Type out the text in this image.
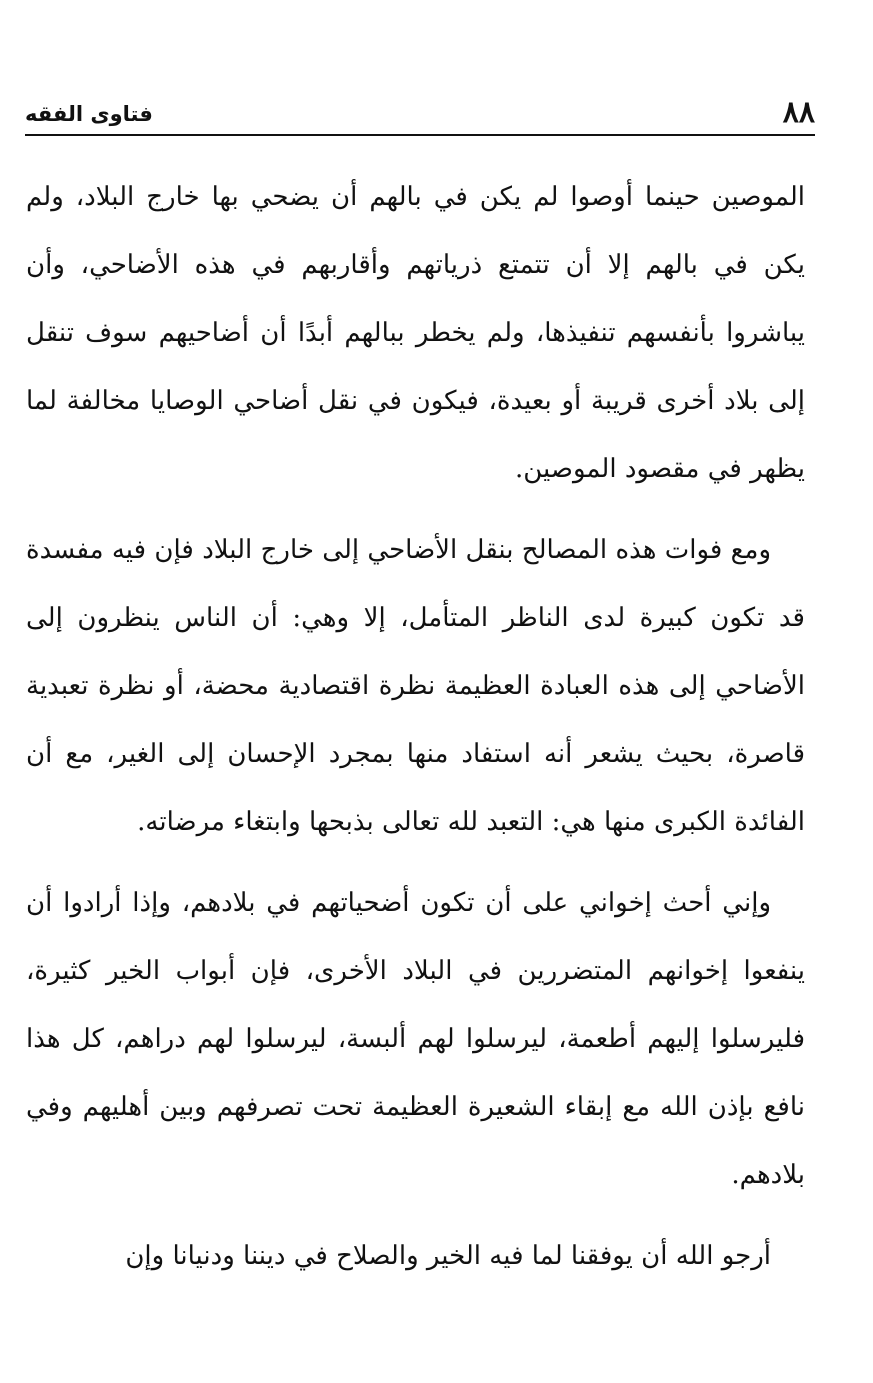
فتاوى الفقه	٨٨

الموصين حينما أوصوا لم يكن في بالهم أن يضحي بها خارج البلاد، ولم يكن في بالهم إلا أن تتمتع ذرياتهم وأقاربهم في هذه الأضاحي، وأن يباشروا بأنفسهم تنفيذها، ولم يخطر ببالهم أبدًا أن أضاحيهم سوف تنقل إلى بلاد أخرى قريبة أو بعيدة، فيكون في نقل أضاحي الوصايا مخالفة لما يظهر في مقصود الموصين.

ومع فوات هذه المصالح بنقل الأضاحي إلى خارج البلاد فإن فيه مفسدة قد تكون كبيرة لدى الناظر المتأمل، إلا وهي: أن الناس ينظرون إلى الأضاحي إلى هذه العبادة العظيمة نظرة اقتصادية محضة، أو نظرة تعبدية قاصرة، بحيث يشعر أنه استفاد منها بمجرد الإحسان إلى الغير، مع أن الفائدة الكبرى منها هي: التعبد لله تعالى بذبحها وابتغاء مرضاته.

وإني أحث إخواني على أن تكون أضحياتهم في بلادهم، وإذا أرادوا أن ينفعوا إخوانهم المتضررين في البلاد الأخرى، فإن أبواب الخير كثيرة، فليرسلوا إليهم أطعمة، ليرسلوا لهم ألبسة، ليرسلوا لهم دراهم، كل هذا نافع بإذن الله مع إبقاء الشعيرة العظيمة تحت تصرفهم وبين أهليهم وفي بلادهم.

أرجو الله أن يوفقنا لما فيه الخير والصلاح في ديننا ودنيانا وإن
